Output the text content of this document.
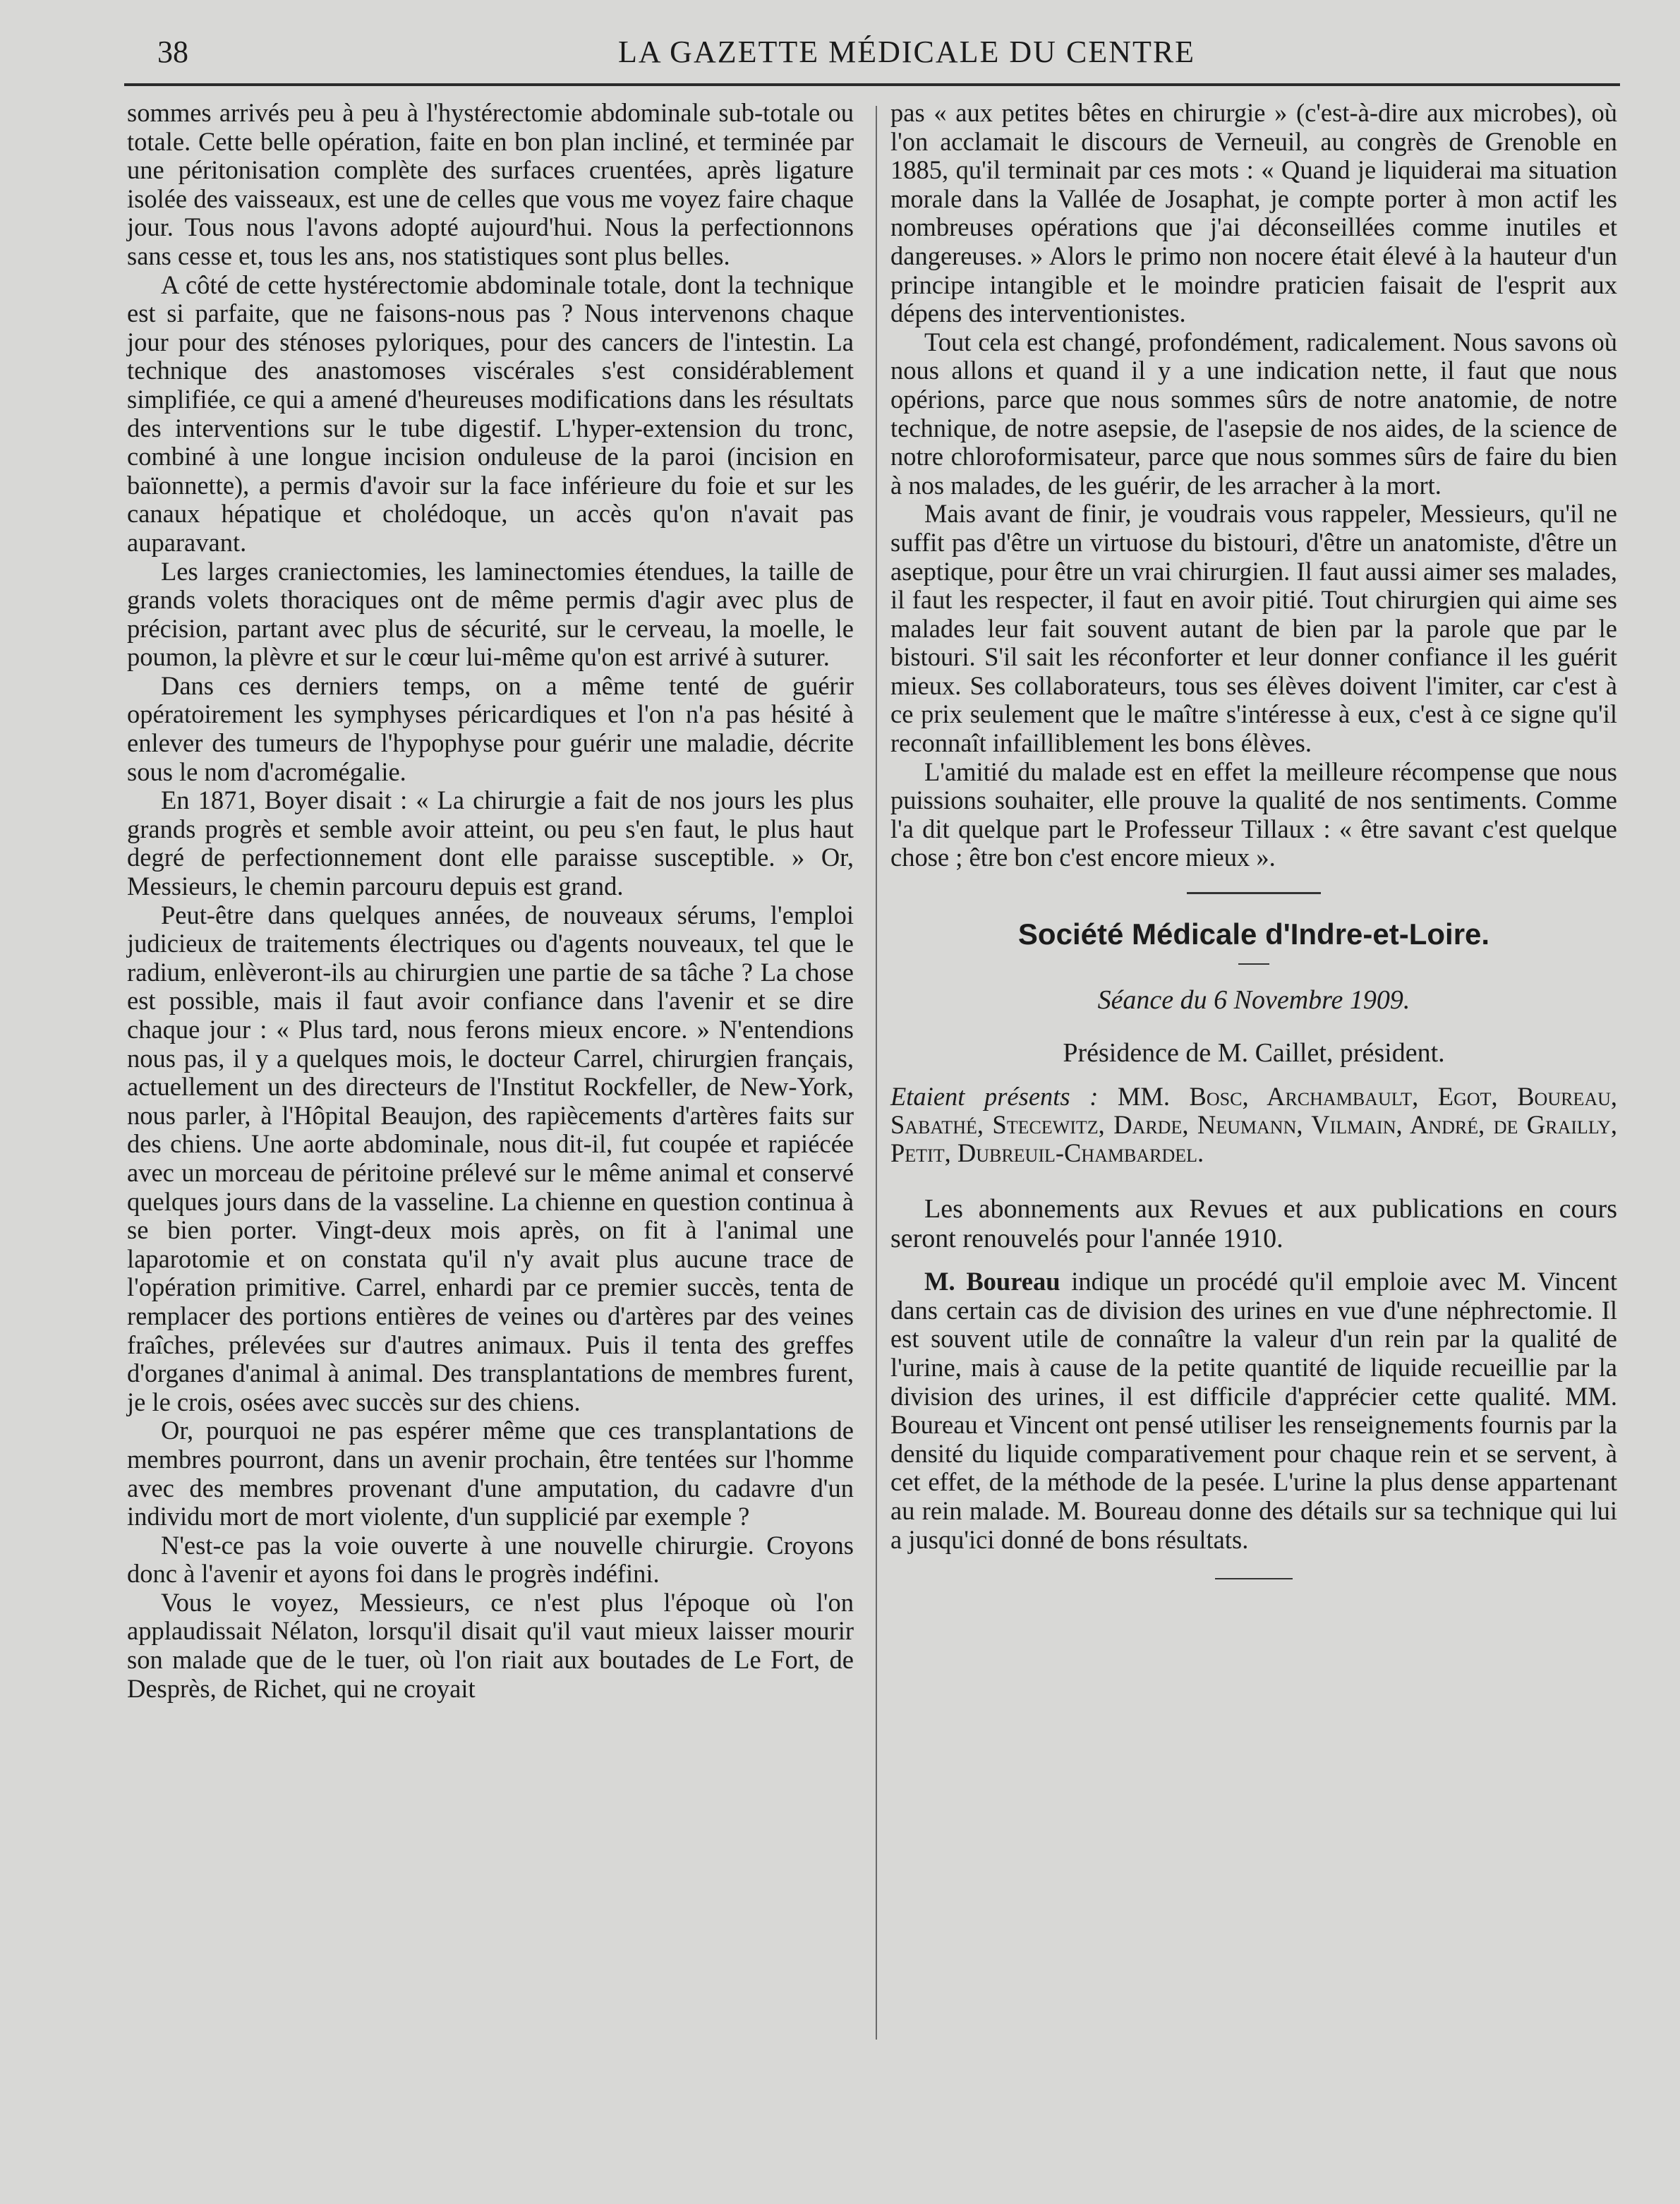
38	LA GAZETTE MÉDICALE DU CENTRE

sommes arrivés peu à peu à l'hystérectomie abdominale sub-totale ou totale. Cette belle opération, faite en bon plan incliné, et terminée par une péritonisation complète des surfaces cruentées, après ligature isolée des vaisseaux, est une de celles que vous me voyez faire chaque jour. Tous nous l'avons adopté aujourd'hui. Nous la perfectionnons sans cesse et, tous les ans, nos statistiques sont plus belles.

A côté de cette hystérectomie abdominale totale, dont la technique est si parfaite, que ne faisons-nous pas ? Nous intervenons chaque jour pour des sténoses pyloriques, pour des cancers de l'intestin. La technique des anastomoses viscérales s'est considérablement simplifiée, ce qui a amené d'heureuses modifications dans les résultats des interventions sur le tube digestif. L'hyper-extension du tronc, combiné à une longue incision onduleuse de la paroi (incision en baïonnette), a permis d'avoir sur la face inférieure du foie et sur les canaux hépatique et cholédoque, un accès qu'on n'avait pas auparavant.

Les larges craniectomies, les laminectomies étendues, la taille de grands volets thoraciques ont de même permis d'agir avec plus de précision, partant avec plus de sécurité, sur le cerveau, la moelle, le poumon, la plèvre et sur le cœur lui-même qu'on est arrivé à suturer.

Dans ces derniers temps, on a même tenté de guérir opératoirement les symphyses péricardiques et l'on n'a pas hésité à enlever des tumeurs de l'hypophyse pour guérir une maladie, décrite sous le nom d'acromégalie.

En 1871, Boyer disait : « La chirurgie a fait de nos jours les plus grands progrès et semble avoir atteint, ou peu s'en faut, le plus haut degré de perfectionnement dont elle paraisse susceptible. » Or, Messieurs, le chemin parcouru depuis est grand.

Peut-être dans quelques années, de nouveaux sérums, l'emploi judicieux de traitements électriques ou d'agents nouveaux, tel que le radium, enlèveront-ils au chirurgien une partie de sa tâche ? La chose est possible, mais il faut avoir confiance dans l'avenir et se dire chaque jour : « Plus tard, nous ferons mieux encore. » N'entendions nous pas, il y a quelques mois, le docteur Carrel, chirurgien français, actuellement un des directeurs de l'Institut Rockfeller, de New-York, nous parler, à l'Hôpital Beaujon, des rapiècements d'artères faits sur des chiens. Une aorte abdominale, nous dit-il, fut coupée et rapiécée avec un morceau de péritoine prélevé sur le même animal et conservé quelques jours dans de la vasseline. La chienne en question continua à se bien porter. Vingt-deux mois après, on fit à l'animal une laparotomie et on constata qu'il n'y avait plus aucune trace de l'opération primitive. Carrel, enhardi par ce premier succès, tenta de remplacer des portions entières de veines ou d'artères par des veines fraîches, prélevées sur d'autres animaux. Puis il tenta des greffes d'organes d'animal à animal. Des transplantations de membres furent, je le crois, osées avec succès sur des chiens.

Or, pourquoi ne pas espérer même que ces transplantations de membres pourront, dans un avenir prochain, être tentées sur l'homme avec des membres provenant d'une amputation, du cadavre d'un individu mort de mort violente, d'un supplicié par exemple ?

N'est-ce pas la voie ouverte à une nouvelle chirurgie. Croyons donc à l'avenir et ayons foi dans le progrès indéfini.

Vous le voyez, Messieurs, ce n'est plus l'époque où l'on applaudissait Nélaton, lorsqu'il disait qu'il vaut mieux laisser mourir son malade que de le tuer, où l'on riait aux boutades de Le Fort, de Desprès, de Richet, qui ne croyait

pas « aux petites bêtes en chirurgie » (c'est-à-dire aux microbes), où l'on acclamait le discours de Verneuil, au congrès de Grenoble en 1885, qu'il terminait par ces mots : « Quand je liquiderai ma situation morale dans la Vallée de Josaphat, je compte porter à mon actif les nombreuses opérations que j'ai déconseillées comme inutiles et dangereuses. » Alors le primo non nocere était élevé à la hauteur d'un principe intangible et le moindre praticien faisait de l'esprit aux dépens des interventionistes.

Tout cela est changé, profondément, radicalement. Nous savons où nous allons et quand il y a une indication nette, il faut que nous opérions, parce que nous sommes sûrs de notre anatomie, de notre technique, de notre asepsie, de l'asepsie de nos aides, de la science de notre chloroformisateur, parce que nous sommes sûrs de faire du bien à nos malades, de les guérir, de les arracher à la mort.

Mais avant de finir, je voudrais vous rappeler, Messieurs, qu'il ne suffit pas d'être un virtuose du bistouri, d'être un anatomiste, d'être un aseptique, pour être un vrai chirurgien. Il faut aussi aimer ses malades, il faut les respecter, il faut en avoir pitié. Tout chirurgien qui aime ses malades leur fait souvent autant de bien par la parole que par le bistouri. S'il sait les réconforter et leur donner confiance il les guérit mieux. Ses collaborateurs, tous ses élèves doivent l'imiter, car c'est à ce prix seulement que le maître s'intéresse à eux, c'est à ce signe qu'il reconnaît infailliblement les bons élèves.

L'amitié du malade est en effet la meilleure récompense que nous puissions souhaiter, elle prouve la qualité de nos sentiments. Comme l'a dit quelque part le Professeur Tillaux : « être savant c'est quelque chose ; être bon c'est encore mieux ».

Société Médicale d'Indre-et-Loire.
Séance du 6 Novembre 1909.
Présidence de M. Caillet, président.

Etaient présents : MM. Bosc, Archambault, Egot, Boureau, Sabathé, Stecewitz, Darde, Neumann, Vilmain, André, de Grailly, Petit, Dubreuil-Chambardel.

Les abonnements aux Revues et aux publications en cours seront renouvelés pour l'année 1910.

M. Boureau indique un procédé qu'il emploie avec M. Vincent dans certain cas de division des urines en vue d'une néphrectomie. Il est souvent utile de connaître la valeur d'un rein par la qualité de l'urine, mais à cause de la petite quantité de liquide recueillie par la division des urines, il est difficile d'apprécier cette qualité. MM. Boureau et Vincent ont pensé utiliser les renseignements fournis par la densité du liquide comparativement pour chaque rein et se servent, à cet effet, de la méthode de la pesée. L'urine la plus dense appartenant au rein malade. M. Boureau donne des détails sur sa technique qui lui a jusqu'ici donné de bons résultats.
